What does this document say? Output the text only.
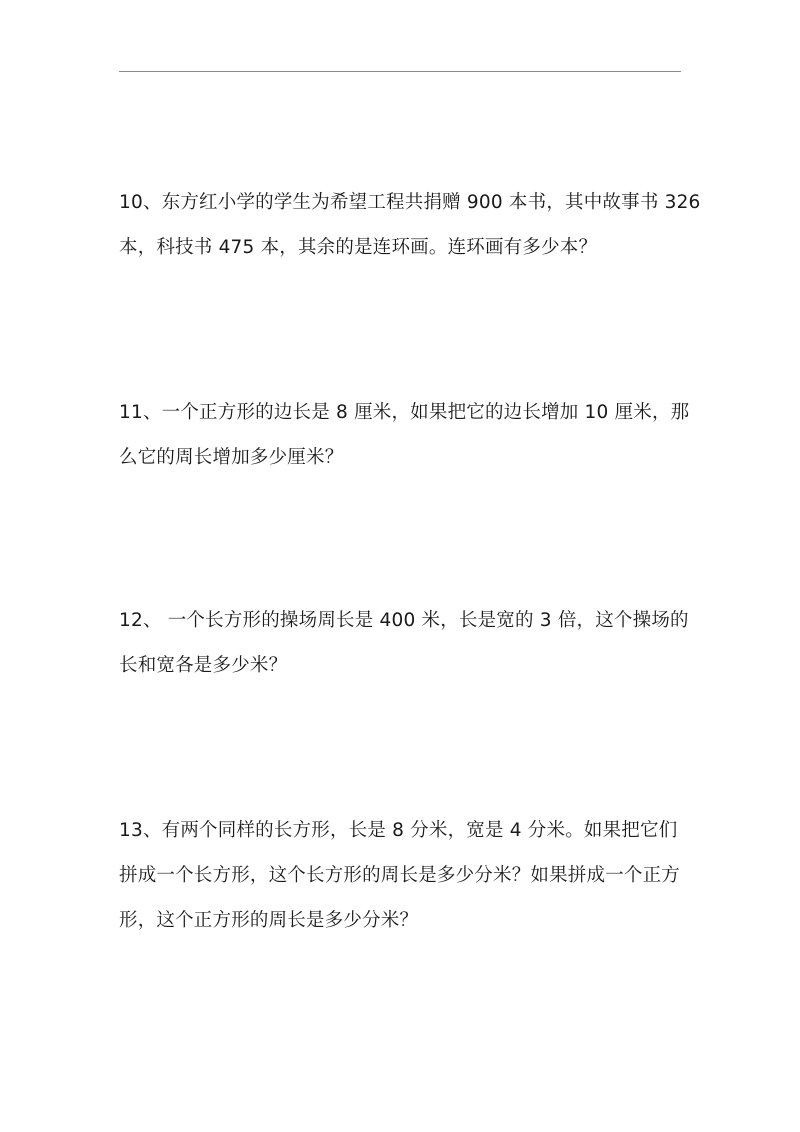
10、东方红小学的学生为希望工程共捐赠 900 本书，其中故事书 326
本，科技书 475 本，其余的是连环画。连环画有多少本？
11、一个正方形的边长是 8 厘米，如果把它的边长增加 10 厘米，那
么它的周长增加多少厘米？
12、 一个长方形的操场周长是 400 米，长是宽的 3 倍，这个操场的
长和宽各是多少米？
13、有两个同样的长方形，长是 8 分米，宽是 4 分米。如果把它们
拼成一个长方形，这个长方形的周长是多少分米？如果拼成一个正方
形，这个正方形的周长是多少分米？
